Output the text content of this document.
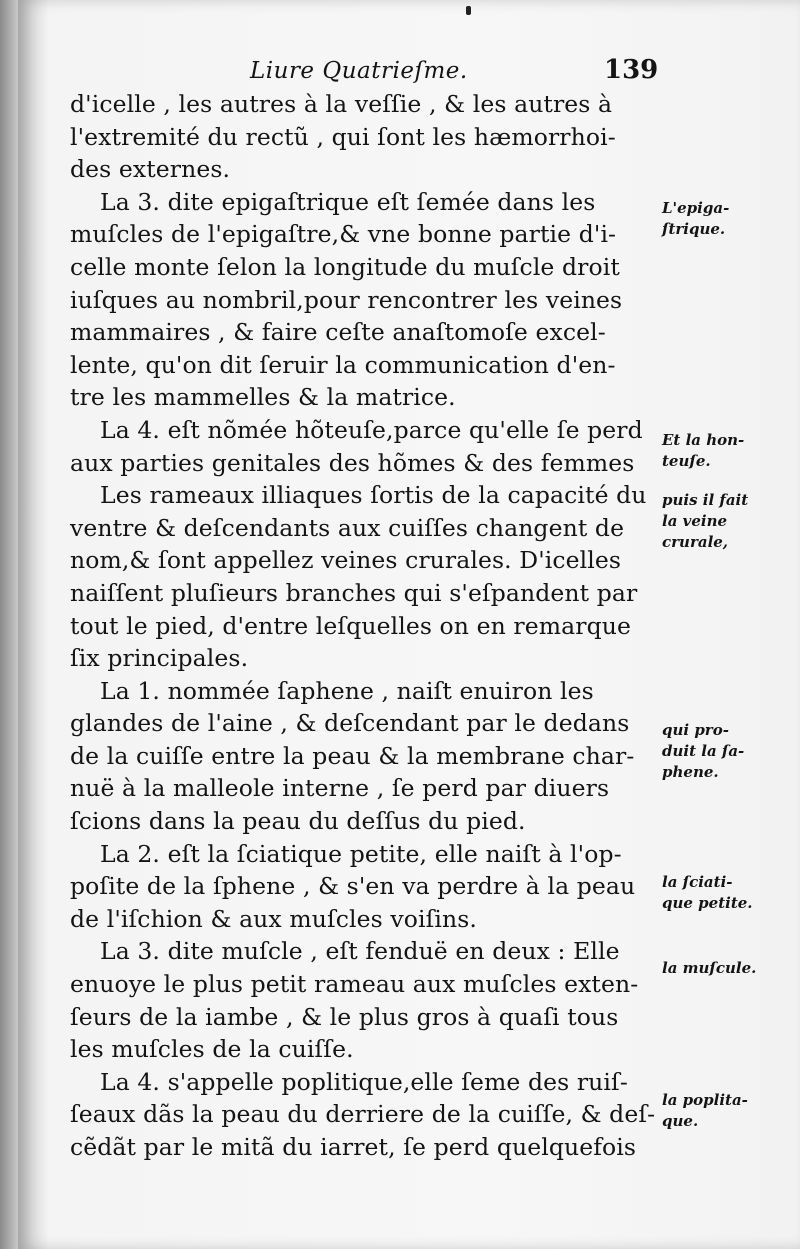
Liure Quatrieſme.	139
d'icelle , les autres à la veſſie , & les autres à
l'extremité du rectũ , qui ſont les hæmorrhoi-
des externes.
La 3. dite epigaſtrique eſt ſemée dans les
muſcles de l'epigaſtre,& vne bonne partie d'i-
celle monte ſelon la longitude du muſcle droit
iuſques au nombril,pour rencontrer les veines
mammaires , & faire ceſte anaſtomoſe excel-
lente, qu'on dit ſeruir la communication d'en-
tre les mammelles & la matrice.
La 4. eſt nõmée hõteuſe,parce qu'elle ſe perd
aux parties genitales des hõmes & des femmes
Les rameaux illiaques ſortis de la capacité du
ventre & deſcendants aux cuiſſes changent de
nom,& ſont appellez veines crurales. D'icelles
naiſſent pluſieurs branches qui s'eſpandent par
tout le pied, d'entre leſquelles on en remarque
ſix principales.
La 1. nommée ſaphene , naiſt enuiron les
glandes de l'aine , & deſcendant par le dedans
de la cuiſſe entre la peau & la membrane char-
nuë à la malleole interne , ſe perd par diuers
ſcions dans la peau du deſſus du pied.
La 2. eſt la ſciatique petite, elle naiſt à l'op-
poſite de la ſphene , & s'en va perdre à la peau
de l'iſchion & aux muſcles voiſins.
La 3. dite muſcle , eſt fenduë en deux : Elle
enuoye le plus petit rameau aux muſcles exten-
ſeurs de la iambe , & le plus gros à quaſi tous
les muſcles de la cuiſſe.
La 4. s'appelle poplitique,elle ſeme des ruiſ-
ſeaux dãs la peau du derriere de la cuiſſe, & deſ-
cẽdãt par le mitã du iarret, ſe perd quelquefois
L'epiga-
ſtrique.
Et la hon-
teuſe.
puis il fait
la veine
crurale,
qui pro-
duit la ſa-
phene.
la ſciati-
que petite.
la muſcule.
la poplita-
que.
